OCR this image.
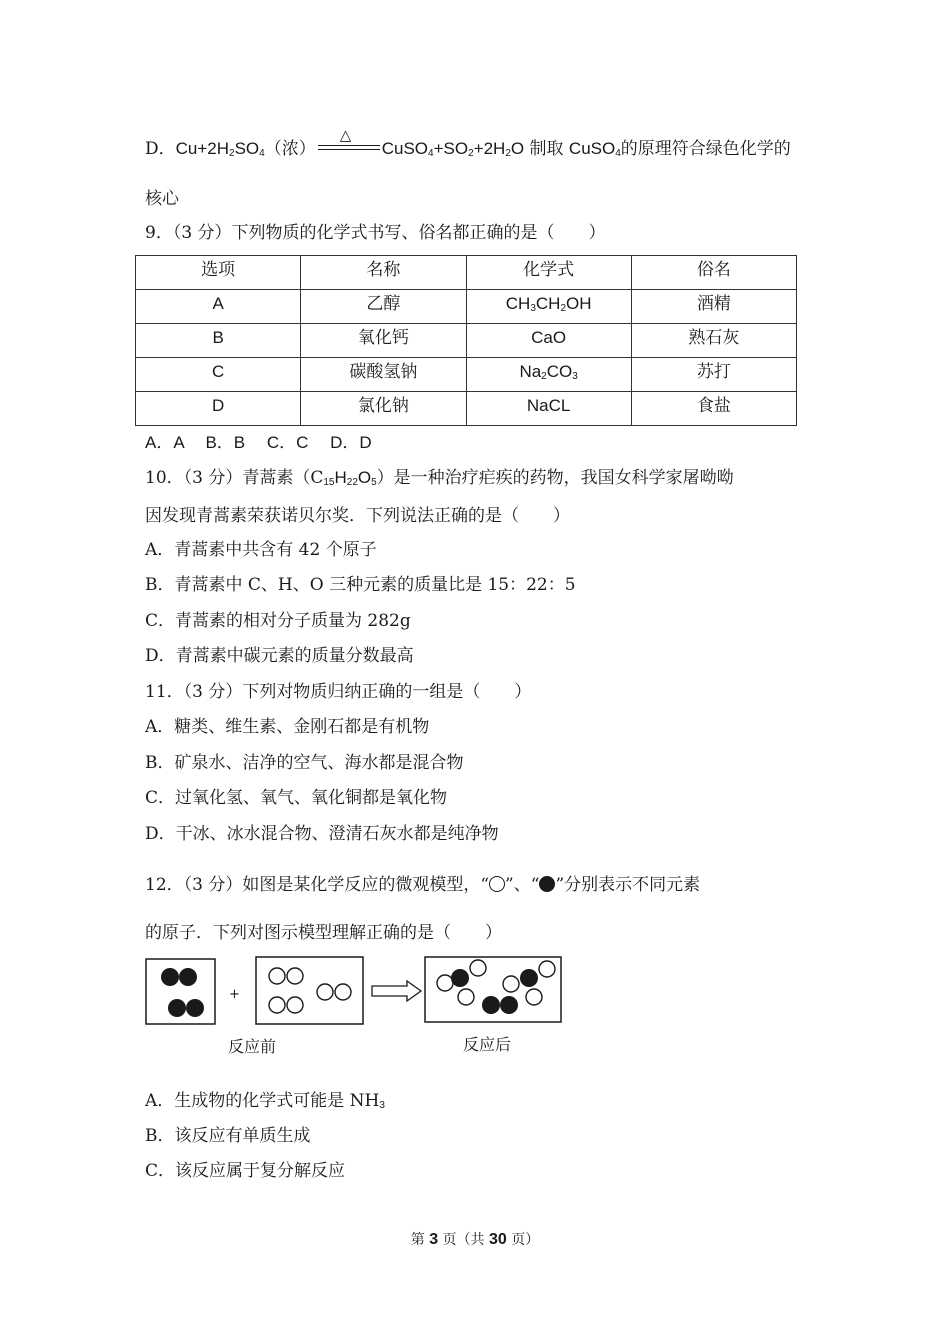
D．$Cu+2H_2SO_4$（浓）
△
$CuSO_4+SO_2+2H_2O$ 制取 CuSO$_4$的原理符合绿色化学的
核心
9．（3 分）下列物质的化学式书写、俗名都正确的是（　　）
选项	名称	化学式	俗名
A	乙醇	$CH_3CH_2OH$	酒精
B	氧化钙	CaO	熟石灰
C	碳酸氢钠	$Na_2CO_3$	苏打
D	氯化钠	NaCL	食盐
A．A　 B．B　 C．C　 D．D
10．（3 分）青蒿素$(C_{15}H_{22}O_5)$是一种治疗疟疾的药物，我国女科学家屠呦呦
因发现青蒿素荣获诺贝尔奖．下列说法正确的是（　　）
A．青蒿素中共含有 42 个原子
B．青蒿素中 C、H、O 三种元素的质量比是 15：22：5
C．青蒿素的相对分子质量为 282g
D．青蒿素中碳元素的质量分数最高
11．（3 分）下列对物质归纳正确的一组是（　　）
A．糖类、维生素、金刚石都是有机物
B．矿泉水、洁净的空气、海水都是混合物
C．过氧化氢、氧气、氧化铜都是氧化物
D．干冰、冰水混合物、澄清石灰水都是纯净物
12．（3 分）如图是某化学反应的微观模型，“ ”、“ ”分别表示不同元素
的原子．下列对图示模型理解正确的是（　　）
+
反应前	反应后
A．生成物的化学式可能是 $NH_3$
B．该反应有单质生成
C．该反应属于复分解反应
第 3 页（共 30 页）
